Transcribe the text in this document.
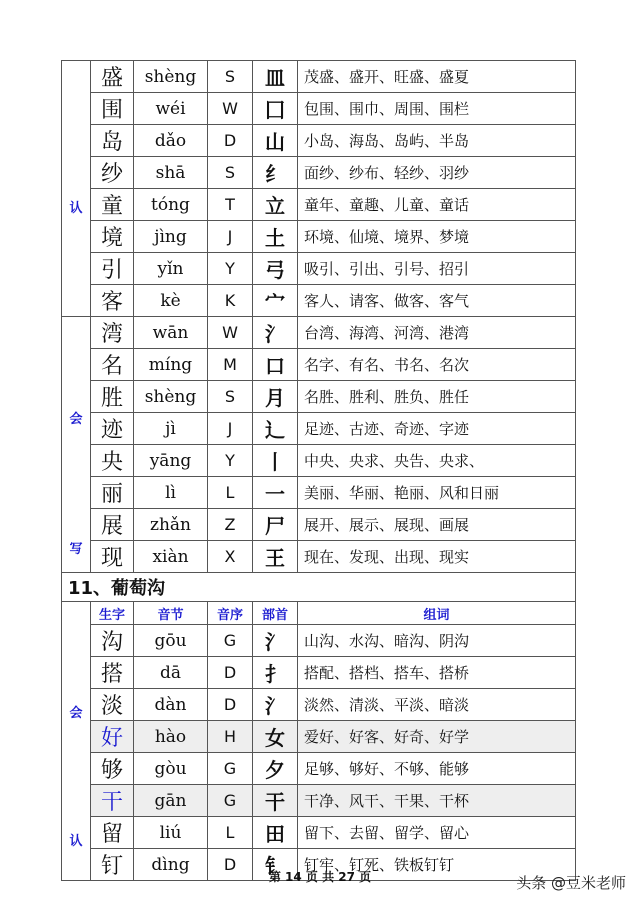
认	盛	shèng	S	皿	茂盛、盛开、旺盛、盛夏
	围	wéi	W	囗	包围、围巾、周围、围栏
	岛	dǎo	D	山	小岛、海岛、岛屿、半岛
	纱	shā	S	纟	面纱、纱布、轻纱、羽纱
	童	tóng	T	立	童年、童趣、儿童、童话
	境	jìng	J	土	环境、仙境、境界、梦境
	引	yǐn	Y	弓	吸引、引出、引号、招引
	客	kè	K	宀	客人、请客、做客、客气

会
写	湾	wān	W	氵	台湾、海湾、河湾、港湾
	名	míng	M	口	名字、有名、书名、名次
	胜	shèng	S	月	名胜、胜利、胜负、胜任
	迹	jì	J	辶	足迹、古迹、奇迹、字迹
	央	yāng	Y	丨	中央、央求、央告、央求、
	丽	lì	L	一	美丽、华丽、艳丽、风和日丽
	展	zhǎn	Z	尸	展开、展示、展现、画展
	现	xiàn	X	王	现在、发现、出现、现实
11、葡萄沟					

会
认	生字	音节	音序	部首	组词
	沟	gōu	G	氵	山沟、水沟、暗沟、阴沟
	搭	dā	D	扌	搭配、搭档、搭车、搭桥
	淡	dàn	D	氵	淡然、清淡、平淡、暗淡
	好	hào	H	女	爱好、好客、好奇、好学
	够	gòu	G	夕	足够、够好、不够、能够
	干	gān	G	干	干净、风干、干果、干杯
	留	liú	L	田	留下、去留、留学、留心
	钉	dìng	D	钅	钉牢、钉死、铁板钉钉
第 14 页 共 27 页	头条 @豆米老师
